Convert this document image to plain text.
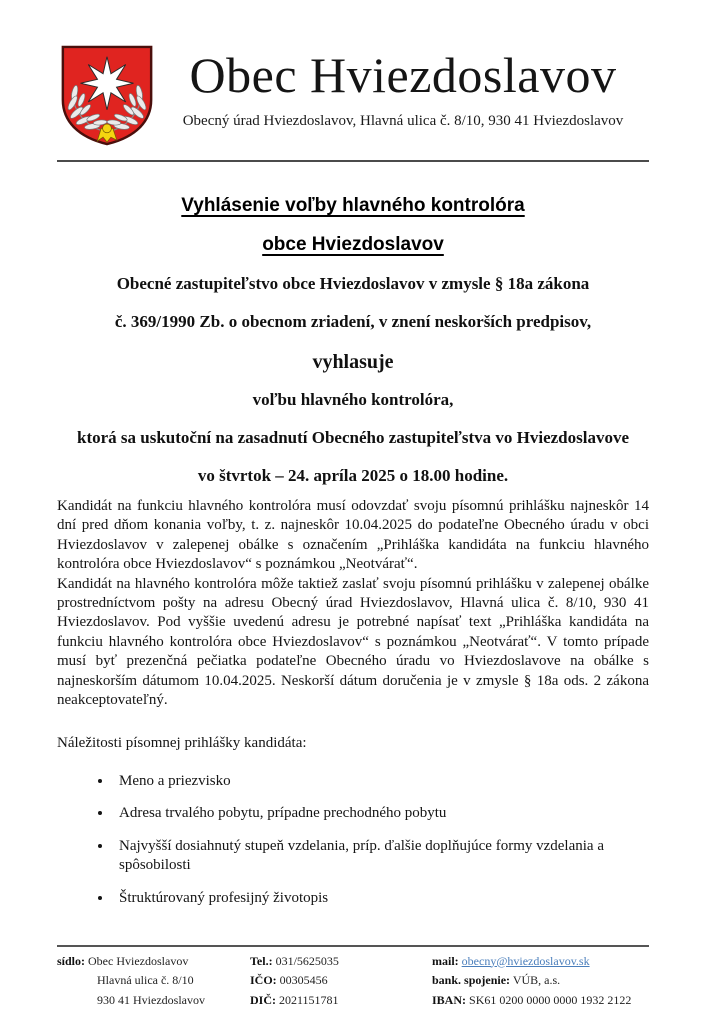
Obec Hviezdoslavov
Obecný úrad Hviezdoslavov, Hlavná ulica č. 8/10, 930 41 Hviezdoslavov
Vyhlásenie voľby hlavného kontrolóra
obce Hviezdoslavov
Obecné zastupiteľstvo obce Hviezdoslavov v zmysle § 18a zákona
č. 369/1990 Zb. o obecnom zriadení, v znení neskorších predpisov,
vyhlasuje
voľbu hlavného kontrolóra,
ktorá sa uskutoční na zasadnutí Obecného zastupiteľstva vo Hviezdoslavove
vo štvrtok – 24. apríla 2025 o 18.00 hodine.

Kandidát na funkciu hlavného kontrolóra musí odovzdať svoju písomnú prihlášku najneskôr 14 dní pred dňom konania voľby, t. z. najneskôr 10.04.2025 do podateľne Obecného úradu v obci Hviezdoslavov v zalepenej obálke s označením „Prihláška kandidáta na funkciu hlavného kontrolóra obce Hviezdoslavov“ s poznámkou „Neotvárať“.

Kandidát na hlavného kontrolóra môže taktiež zaslať svoju písomnú prihlášku v zalepenej obálke prostredníctvom pošty na adresu Obecný úrad Hviezdoslavov, Hlavná ulica č. 8/10, 930 41 Hviezdoslavov. Pod vyššie uvedenú adresu je potrebné napísať text „Prihláška kandidáta na funkciu hlavného kontrolóra obce Hviezdoslavov“ s poznámkou „Neotvárať“. V tomto prípade musí byť prezenčná pečiatka podateľne Obecného úradu vo Hviezdoslavove na obálke s najneskorším dátumom 10.04.2025. Neskorší dátum doručenia je v zmysle § 18a ods. 2 zákona neakceptovateľný.

Náležitosti písomnej prihlášky kandidáta:
• Meno a priezvisko
• Adresa trvalého pobytu, prípadne prechodného pobytu
• Najvyšší dosiahnutý stupeň vzdelania, príp. ďalšie doplňujúce formy vzdelania a spôsobilosti
• Štruktúrovaný profesijný životopis
sídlo: Obec Hviezdoslavov
Hlavná ulica č. 8/10
930 41 Hviezdoslavov
Tel.: 031/5625035
IČO: 00305456
DIČ: 2021151781
mail: obecny@hviezdoslavov.sk
bank. spojenie: VÚB, a.s.
IBAN: SK61 0200 0000 0000 1932 2122
